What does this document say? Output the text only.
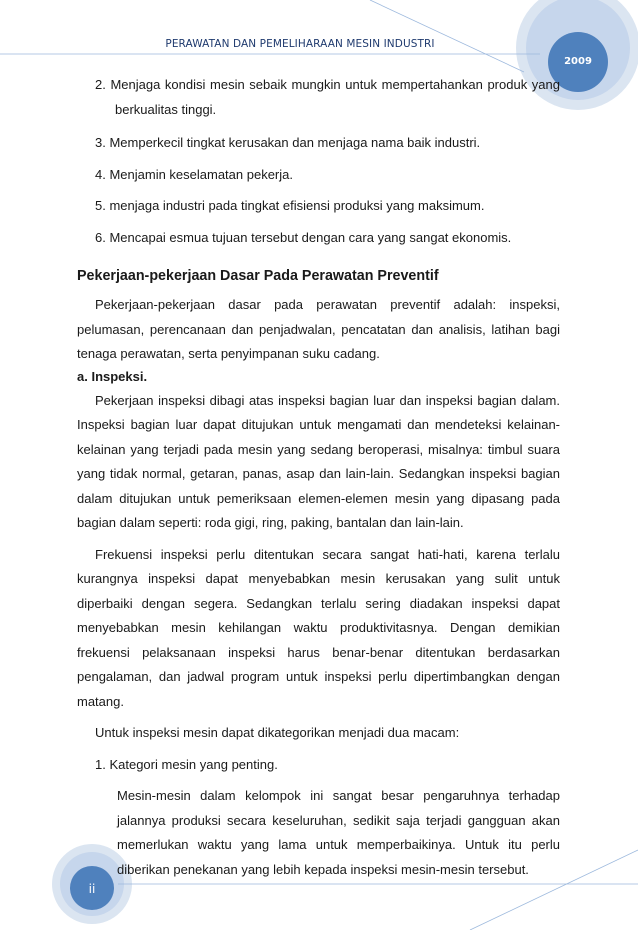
PERAWATAN DAN PEMELIHARAAN MESIN INDUSTRI
2009

2. Menjaga kondisi mesin sebaik mungkin untuk mempertahankan produk yang berkualitas tinggi.

3. Memperkecil tingkat kerusakan dan menjaga nama baik industri.

4. Menjamin keselamatan pekerja.

5. menjaga industri pada tingkat efisiensi produksi yang maksimum.

6. Mencapai esmua tujuan tersebut dengan cara yang sangat ekonomis.

Pekerjaan-pekerjaan Dasar Pada Perawatan Preventif

Pekerjaan-pekerjaan dasar pada perawatan preventif adalah: inspeksi, pelumasan, perencanaan dan penjadwalan, pencatatan dan analisis, latihan bagi tenaga perawatan, serta penyimpanan suku cadang.

a. Inspeksi.

Pekerjaan inspeksi dibagi atas inspeksi bagian luar dan inspeksi bagian dalam. Inspeksi bagian luar dapat ditujukan untuk mengamati dan mendeteksi kelainan-kelainan yang terjadi pada mesin yang sedang beroperasi, misalnya: timbul suara yang tidak normal, getaran, panas, asap dan lain-lain. Sedangkan inspeksi bagian dalam ditujukan untuk pemeriksaan elemen-elemen mesin yang dipasang pada bagian dalam seperti: roda gigi, ring, paking, bantalan dan lain-lain.

Frekuensi inspeksi perlu ditentukan secara sangat hati-hati, karena terlalu kurangnya inspeksi dapat menyebabkan mesin kerusakan yang sulit untuk diperbaiki dengan segera. Sedangkan terlalu sering diadakan inspeksi dapat menyebabkan mesin kehilangan waktu produktivitasnya. Dengan demikian frekuensi pelaksanaan inspeksi harus benar-benar ditentukan berdasarkan pengalaman, dan jadwal program untuk inspeksi perlu dipertimbangkan dengan matang.

Untuk inspeksi mesin dapat dikategorikan menjadi dua macam:

1. Kategori mesin yang penting.

Mesin-mesin dalam kelompok ini sangat besar pengaruhnya terhadap jalannya produksi secara keseluruhan, sedikit saja terjadi gangguan akan memerlukan waktu yang lama untuk memperbaikinya. Untuk itu perlu diberikan penekanan yang lebih kepada inspeksi mesin-mesin tersebut.

ii
